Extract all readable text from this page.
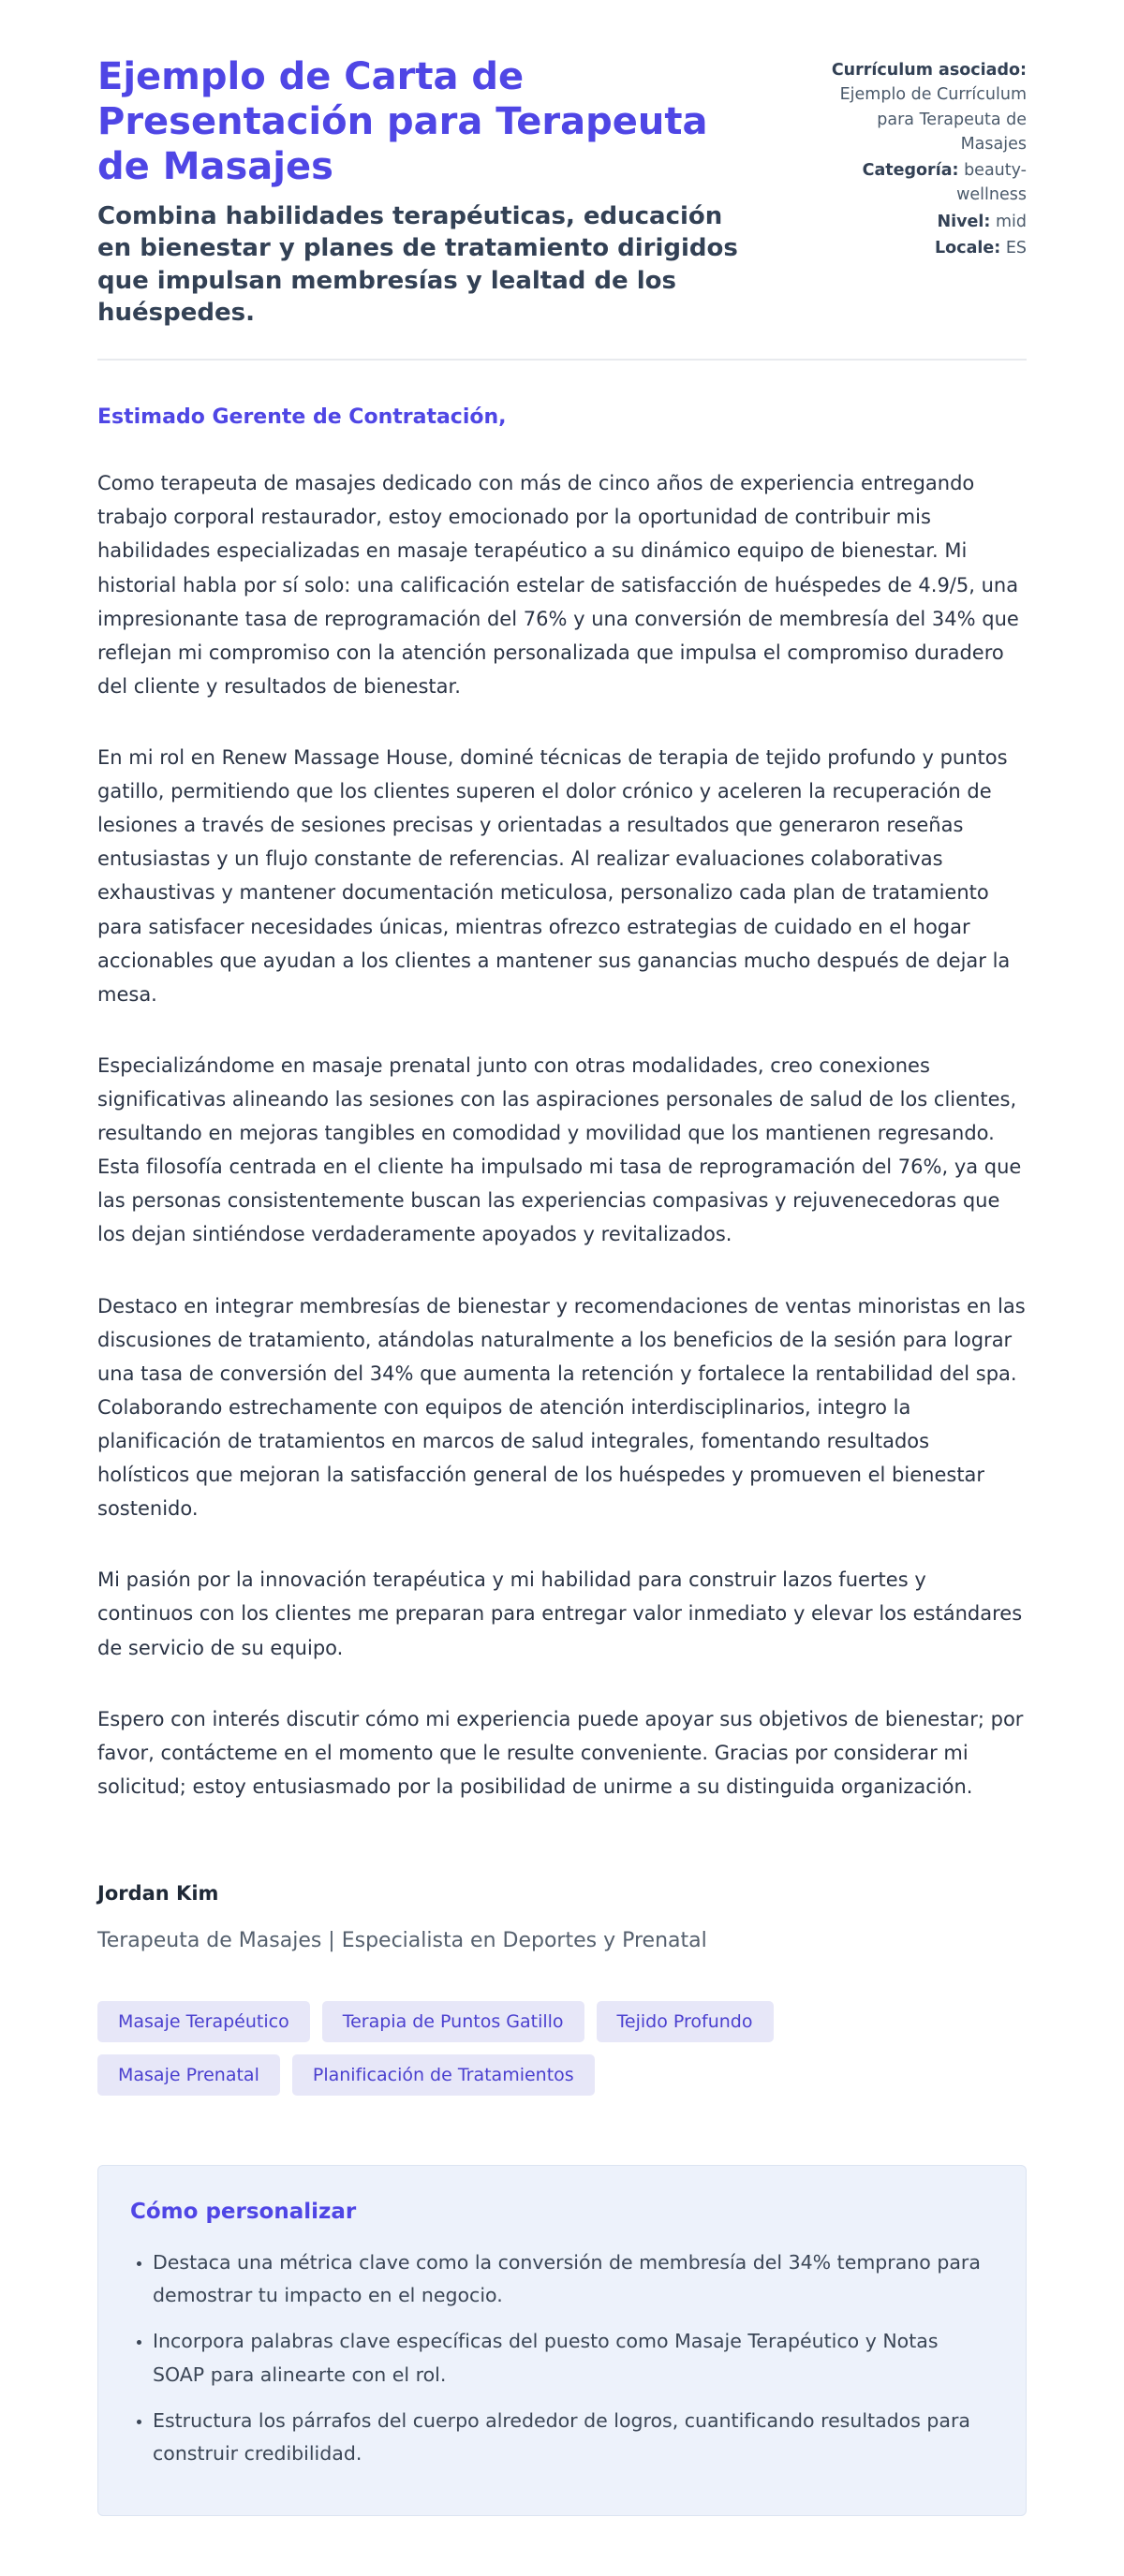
Ejemplo de Carta de Presentación para Terapeuta de Masajes
Combina habilidades terapéuticas, educación en bienestar y planes de tratamiento dirigidos que impulsan membresías y lealtad de los huéspedes.
Currículum asociado: Ejemplo de Currículum para Terapeuta de Masajes
Categoría: beauty-wellness
Nivel: mid
Locale: ES
Estimado Gerente de Contratación,

Como terapeuta de masajes dedicado con más de cinco años de experiencia entregando trabajo corporal restaurador, estoy emocionado por la oportunidad de contribuir mis habilidades especializadas en masaje terapéutico a su dinámico equipo de bienestar. Mi historial habla por sí solo: una calificación estelar de satisfacción de huéspedes de 4.9/5, una impresionante tasa de reprogramación del 76% y una conversión de membresía del 34% que reflejan mi compromiso con la atención personalizada que impulsa el compromiso duradero del cliente y resultados de bienestar.

En mi rol en Renew Massage House, dominé técnicas de terapia de tejido profundo y puntos gatillo, permitiendo que los clientes superen el dolor crónico y aceleren la recuperación de lesiones a través de sesiones precisas y orientadas a resultados que generaron reseñas entusiastas y un flujo constante de referencias. Al realizar evaluaciones colaborativas exhaustivas y mantener documentación meticulosa, personalizo cada plan de tratamiento para satisfacer necesidades únicas, mientras ofrezco estrategias de cuidado en el hogar accionables que ayudan a los clientes a mantener sus ganancias mucho después de dejar la mesa.

Especializándome en masaje prenatal junto con otras modalidades, creo conexiones significativas alineando las sesiones con las aspiraciones personales de salud de los clientes, resultando en mejoras tangibles en comodidad y movilidad que los mantienen regresando. Esta filosofía centrada en el cliente ha impulsado mi tasa de reprogramación del 76%, ya que las personas consistentemente buscan las experiencias compasivas y rejuvenecedoras que los dejan sintiéndose verdaderamente apoyados y revitalizados.

Destaco en integrar membresías de bienestar y recomendaciones de ventas minoristas en las discusiones de tratamiento, atándolas naturalmente a los beneficios de la sesión para lograr una tasa de conversión del 34% que aumenta la retención y fortalece la rentabilidad del spa. Colaborando estrechamente con equipos de atención interdisciplinarios, integro la planificación de tratamientos en marcos de salud integrales, fomentando resultados holísticos que mejoran la satisfacción general de los huéspedes y promueven el bienestar sostenido.

Mi pasión por la innovación terapéutica y mi habilidad para construir lazos fuertes y continuos con los clientes me preparan para entregar valor inmediato y elevar los estándares de servicio de su equipo.

Espero con interés discutir cómo mi experiencia puede apoyar sus objetivos de bienestar; por favor, contácteme en el momento que le resulte conveniente. Gracias por considerar mi solicitud; estoy entusiasmado por la posibilidad de unirme a su distinguida organización.

Jordan Kim
Terapeuta de Masajes | Especialista en Deportes y Prenatal
Masaje Terapéutico	Terapia de Puntos Gatillo	Tejido Profundo
Masaje Prenatal	Planificación de Tratamientos
Cómo personalizar
• Destaca una métrica clave como la conversión de membresía del 34% temprano para demostrar tu impacto en el negocio.
• Incorpora palabras clave específicas del puesto como Masaje Terapéutico y Notas SOAP para alinearte con el rol.
• Estructura los párrafos del cuerpo alrededor de logros, cuantificando resultados para construir credibilidad.
